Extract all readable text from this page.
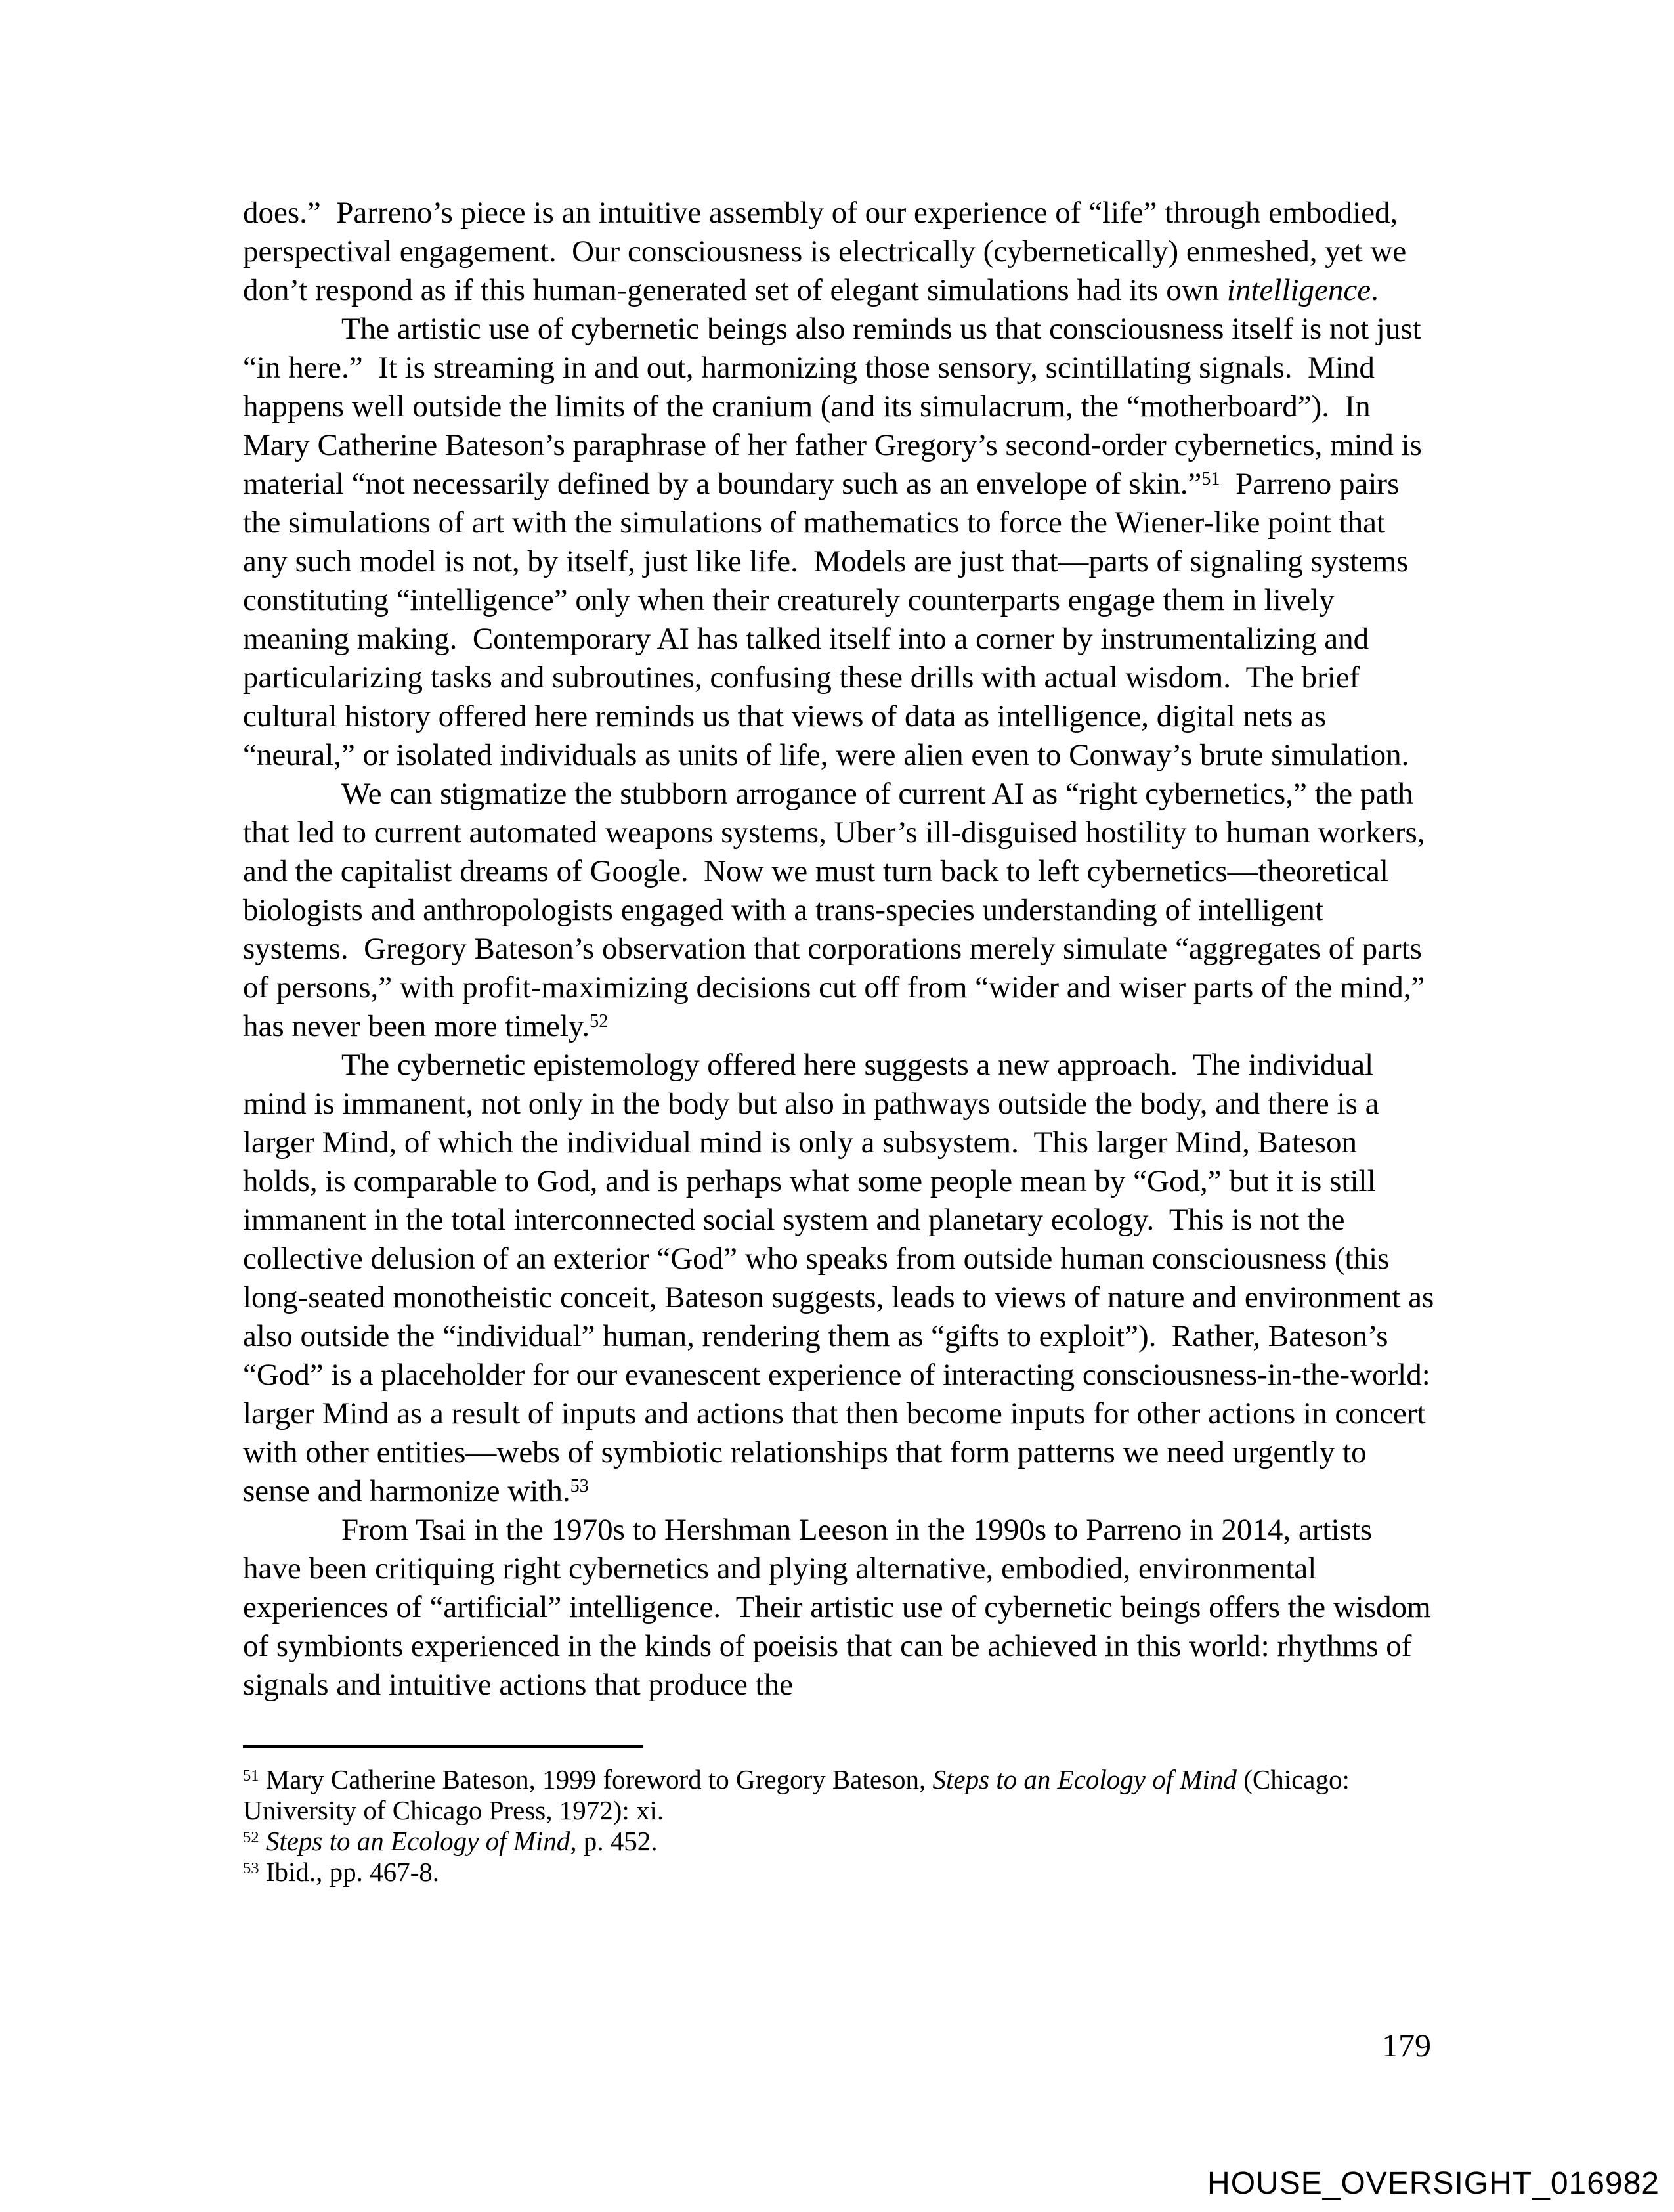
does.”  Parreno’s piece is an intuitive assembly of our experience of “life” through embodied, perspectival engagement.  Our consciousness is electrically (cybernetically) enmeshed, yet we don’t respond as if this human-generated set of elegant simulations had its own intelligence.

The artistic use of cybernetic beings also reminds us that consciousness itself is not just “in here.”  It is streaming in and out, harmonizing those sensory, scintillating signals.  Mind happens well outside the limits of the cranium (and its simulacrum, the “motherboard”).  In Mary Catherine Bateson’s paraphrase of her father Gregory’s second-order cybernetics, mind is material “not necessarily defined by a boundary such as an envelope of skin.”$^{51}$  Parreno pairs the simulations of art with the simulations of mathematics to force the Wiener-like point that any such model is not, by itself, just like life.  Models are just that—parts of signaling systems constituting “intelligence” only when their creaturely counterparts engage them in lively meaning making.  Contemporary AI has talked itself into a corner by instrumentalizing and particularizing tasks and subroutines, confusing these drills with actual wisdom.  The brief cultural history offered here reminds us that views of data as intelligence, digital nets as “neural,” or isolated individuals as units of life, were alien even to Conway’s brute simulation.

We can stigmatize the stubborn arrogance of current AI as “right cybernetics,” the path that led to current automated weapons systems, Uber’s ill-disguised hostility to human workers, and the capitalist dreams of Google.  Now we must turn back to left cybernetics—theoretical biologists and anthropologists engaged with a trans-species understanding of intelligent systems.  Gregory Bateson’s observation that corporations merely simulate “aggregates of parts of persons,” with profit-maximizing decisions cut off from “wider and wiser parts of the mind,” has never been more timely.$^{52}$

The cybernetic epistemology offered here suggests a new approach.  The individual mind is immanent, not only in the body but also in pathways outside the body, and there is a larger Mind, of which the individual mind is only a subsystem.  This larger Mind, Bateson holds, is comparable to God, and is perhaps what some people mean by “God,” but it is still immanent in the total interconnected social system and planetary ecology.  This is not the collective delusion of an exterior “God” who speaks from outside human consciousness (this long-seated monotheistic conceit, Bateson suggests, leads to views of nature and environment as also outside the “individual” human, rendering them as “gifts to exploit”).  Rather, Bateson’s “God” is a placeholder for our evanescent experience of interacting consciousness-in-the-world: larger Mind as a result of inputs and actions that then become inputs for other actions in concert with other entities—webs of symbiotic relationships that form patterns we need urgently to sense and harmonize with.$^{53}$

From Tsai in the 1970s to Hershman Leeson in the 1990s to Parreno in 2014, artists have been critiquing right cybernetics and plying alternative, embodied, environmental experiences of “artificial” intelligence.  Their artistic use of cybernetic beings offers the wisdom of symbionts experienced in the kinds of poeisis that can be achieved in this world: rhythms of signals and intuitive actions that produce the

$^{51}$ Mary Catherine Bateson, 1999 foreword to Gregory Bateson, Steps to an Ecology of Mind (Chicago: University of Chicago Press, 1972): xi.

$^{52}$ Steps to an Ecology of Mind, p. 452.

$^{53}$ Ibid., pp. 467-8.

179
HOUSE_OVERSIGHT_016982
